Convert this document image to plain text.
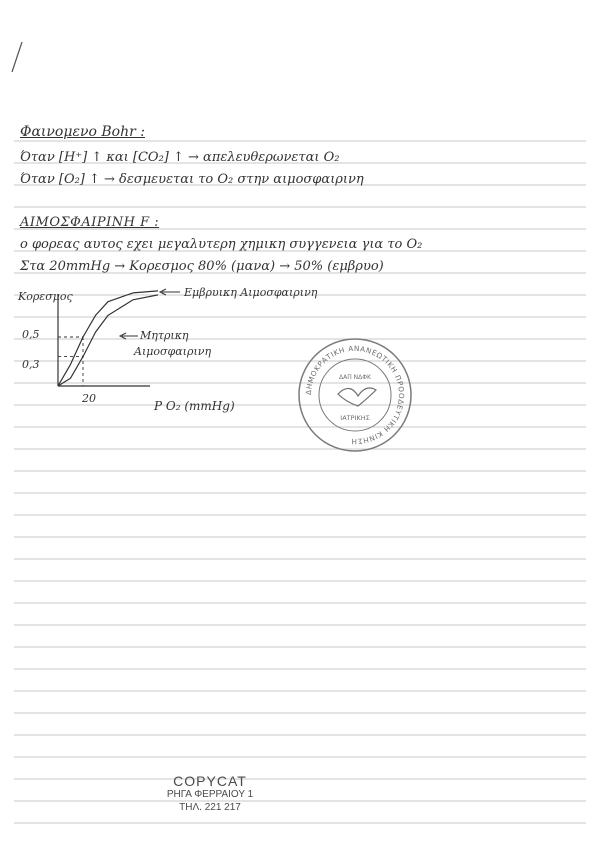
Φαινομενο Bohr :
Όταν [H⁺] ↑ και [CO₂] ↑ → απελευθερωνεται O₂
Όταν [O₂] ↑ → δεσμευεται το O₂ στην αιμοσφαιρινη
ΑΙΜΟΣΦΑΙΡΙΝΗ F :
ο φορεας αυτος εχει μεγαλυτερη χημικη συγγενεια για το O₂
Στα 20mmHg → Κορεσμος 80% (μανα) → 50% (εμβρυο)
Κορεσμος
0,5
0,3
20
P O₂ (mmHg)
Εμβρυικη Αιμοσφαιρινη
Μητρικη
Αιμοσφαιρινη
ΔΗΜΟΚΡΑΤΙΚΗ ΑΝΑΝΕΩΤΙΚΗ ΠΡΟΟΔΕΥΤΙΚΗ ΚΙΝΗΣΗ
ΔΑΠ ΝΔΦΚ
ΙΑΤΡΙΚΗΣ
COPYCAT
ΡΗΓΑ ΦΕΡΡΑΙΟΥ 1
ΤΗΛ. 221 217
